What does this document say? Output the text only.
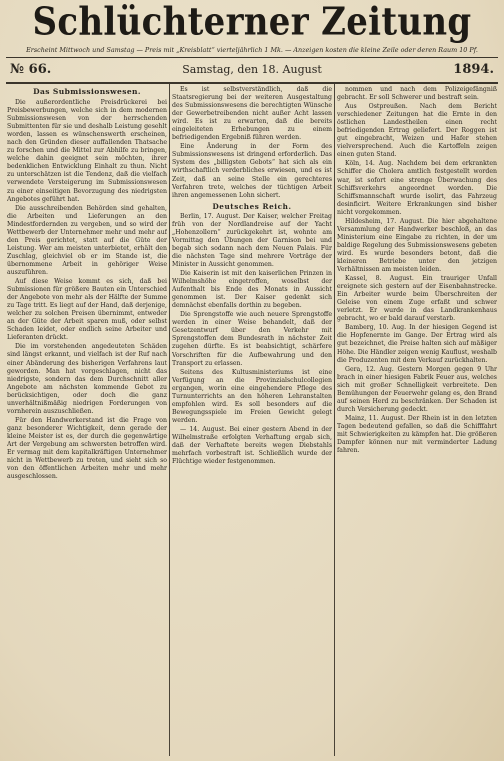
Schlüchterner Zeitung
Erscheint Mittwoch und Samstag — Preis mit „Kreisblatt“ vierteljährlich 1 Mk. — Anzeigen kosten die kleine Zeile oder deren Raum 10 Pf.
№ 66.	Samstag, den 18. August	1894.
Das Submissionswesen.

Die außerordentliche Preisdrückerei bei Preisbewerbungen, welche sich in dem modernen Submissionswesen von der herrschenden Submittenten für sie und deshalb Leistung gesehlt worden, lassen es wünschenswerth erscheinen, nach den Gründen dieser auffallenden Thatsache zu forschen und die Mittel zur Abhilfe zu bringen, welche dahin geeignet sein möchten, ihrer bedenklichen Entwicklung Einhalt zu thun. Nicht zu unterschätzen ist die Tendenz, daß die vielfach verwendete Versteigerung im Submissionswesen zu einer einseitigen Bevorzugung des niedrigsten Angebotes geführt hat.

Die ausschreibenden Behörden sind gehalten, die Arbeiten und Lieferungen an den Mindestfordernden zu vergeben, und so wird der Wettbewerb der Unternehmer mehr und mehr auf den Preis gerichtet, statt auf die Güte der Leistung. Wer am meisten unterbietet, erhält den Zuschlag, gleichviel ob er im Stande ist, die übernommene Arbeit in gehöriger Weise auszuführen.

Auf diese Weise kommt es sich, daß bei Submissionen für größere Bauten ein Unterschied der Angebote von mehr als der Hälfte der Summe zu Tage tritt. Es liegt auf der Hand, daß derjenige, welcher zu solchen Preisen übernimmt, entweder an der Güte der Arbeit sparen muß, oder selbst Schaden leidet, oder endlich seine Arbeiter und Lieferanten drückt.

Die im vorstehenden angedeuteten Schäden sind längst erkannt, und vielfach ist der Ruf nach einer Abänderung des bisherigen Verfahrens laut geworden. Man hat vorgeschlagen, nicht das niedrigste, sondern das dem Durchschnitt aller Angebote am nächsten kommende Gebot zu berücksichtigen, oder doch die ganz unverhältnißmäßig niedrigen Forderungen von vornherein auszuschließen.

Für den Handwerkerstand ist die Frage von ganz besonderer Wichtigkeit, denn gerade der kleine Meister ist es, der durch die gegenwärtige Art der Vergebung am schwersten betroffen wird. Er vermag mit dem kapitalkräftigen Unternehmer nicht in Wettbewerb zu treten, und sieht sich so von den öffentlichen Arbeiten mehr und mehr ausgeschlossen.

Es ist selbstverständlich, daß die Staatsregierung bei der weiteren Ausgestaltung des Submissionswesens die berechtigten Wünsche der Gewerbetreibenden nicht außer Acht lassen wird. Es ist zu erwarten, daß die bereits eingeleiteten Erhebungen zu einem befriedigenden Ergebniß führen werden.

Eine Änderung in der Form des Submissionswesens ist dringend erforderlich. Das System des „billigsten Gebots“ hat sich als ein wirthschaftlich verderbliches erwiesen, und es ist Zeit, daß an seine Stelle ein gerechteres Verfahren trete, welches der tüchtigen Arbeit ihren angemessenen Lohn sichert.

Deutsches Reich.

Berlin, 17. August. Der Kaiser, welcher Freitag früh von der Nordlandreise auf der Yacht „Hohenzollern“ zurückgekehrt ist, wohnte am Vormittag den Übungen der Garnison bei und begab sich sodann nach dem Neuen Palais. Für die nächsten Tage sind mehrere Vorträge der Minister in Aussicht genommen.

Die Kaiserin ist mit den kaiserlichen Prinzen in Wilhelmshöhe eingetroffen, woselbst der Aufenthalt bis Ende des Monats in Aussicht genommen ist. Der Kaiser gedenkt sich demnächst ebenfalls dorthin zu begeben.

Die Sprengstoffe wie auch neuere Sprengstoffe werden in einer Weise behandelt, daß der Gesetzentwurf über den Verkehr mit Sprengstoffen dem Bundesrath in nächster Zeit zugehen dürfte. Es ist beabsichtigt, schärfere Vorschriften für die Aufbewahrung und den Transport zu erlassen.

Seitens des Kultusministeriums ist eine Verfügung an die Provinzialschulcollegien ergangen, worin eine eingehendere Pflege des Turnunterrichts an den höheren Lehranstalten empfohlen wird. Es soll besonders auf die Bewegungsspiele im Freien Gewicht gelegt werden.

— 14. August. Bei einer gestern Abend in der Wilhelmstraße erfolgten Verhaftung ergab sich, daß der Verhaftete bereits wegen Diebstahls mehrfach vorbestraft ist. Schließlich wurde der Flüchtige wieder festgenommen.

nommen und nach dem Polizeigefängniß gebracht. Er soll Schwerer und bestraft sein.

Aus Ostpreußen. Nach dem Bericht verschiedener Zeitungen hat die Ernte in den östlichen Landestheilen einen recht befriedigenden Ertrag geliefert. Der Roggen ist gut eingebracht, Weizen und Hafer stehen vielversprechend. Auch die Kartoffeln zeigen einen guten Stand.

Köln, 14. Aug. Nachdem bei dem erkrankten Schiffer die Cholera amtlich festgestellt worden war, ist sofort eine strenge Überwachung des Schiffsverkehrs angeordnet worden. Die Schiffsmannschaft wurde isolirt, das Fahrzeug desinficirt. Weitere Erkrankungen sind bisher nicht vorgekommen.

Hildesheim, 17. August. Die hier abgehaltene Versammlung der Handwerker beschloß, an das Ministerium eine Eingabe zu richten, in der um baldige Regelung des Submissionswesens gebeten wird. Es wurde besonders betont, daß die kleineren Betriebe unter den jetzigen Verhältnissen am meisten leiden.

Kassel, 8. August. Ein trauriger Unfall ereignete sich gestern auf der Eisenbahnstrecke. Ein Arbeiter wurde beim Überschreiten der Geleise von einem Zuge erfaßt und schwer verletzt. Er wurde in das Landkrankenhaus gebracht, wo er bald darauf verstarb.

Bamberg, 10. Aug. In der hiesigen Gegend ist die Hopfenernte im Gange. Der Ertrag wird als gut bezeichnet, die Preise halten sich auf mäßiger Höhe. Die Händler zeigen wenig Kauflust, weshalb die Produzenten mit dem Verkauf zurückhalten.

Gera, 12. Aug. Gestern Morgen gegen 9 Uhr brach in einer hiesigen Fabrik Feuer aus, welches sich mit großer Schnelligkeit verbreitete. Den Bemühungen der Feuerwehr gelang es, den Brand auf seinen Herd zu beschränken. Der Schaden ist durch Versicherung gedeckt.

Mainz, 11. August. Der Rhein ist in den letzten Tagen bedeutend gefallen, so daß die Schifffahrt mit Schwierigkeiten zu kämpfen hat. Die größeren Dampfer können nur mit verminderter Ladung fahren.
